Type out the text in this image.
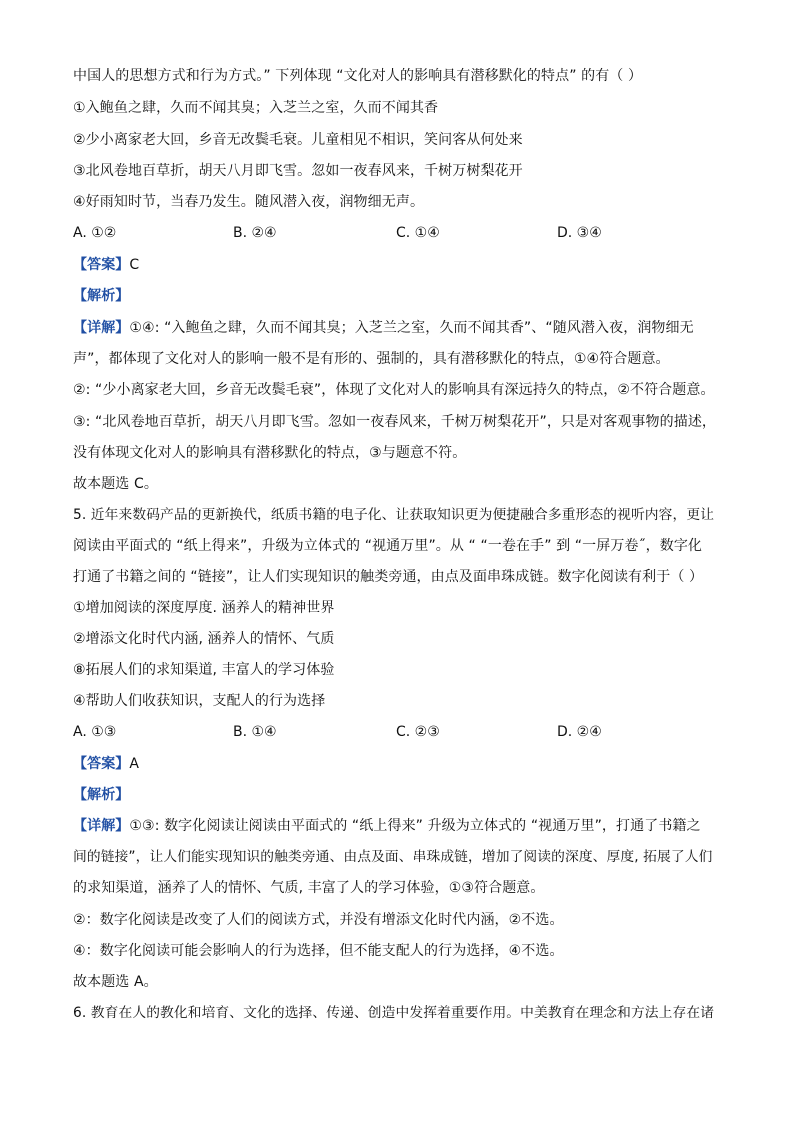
中国人的思想方式和行为方式。” 下列体现 “文化对人的影响具有潜移默化的特点” 的有（ ）
①入鲍鱼之肆，久而不闻其臭；入芝兰之室，久而不闻其香
②少小离家老大回，乡音无改鬓毛衰。儿童相见不相识，笑问客从何处来
③北风卷地百草折，胡天八月即飞雪。忽如一夜春风来，千树万树梨花开
④好雨知时节，当春乃发生。随风潜入夜，润物细无声。
A. ①②	B. ②④	C. ①④	D. ③④
【答案】C
【解析】
【详解】①④: “入鲍鱼之肆，久而不闻其臭；入芝兰之室，久而不闻其香”、“随风潜入夜，润物细无
声”，都体现了文化对人的影响一般不是有形的、强制的，具有潜移默化的特点，①④符合题意。
②: “少小离家老大回，乡音无改鬓毛衰”，体现了文化对人的影响具有深远持久的特点，②不符合题意。
③: “北风卷地百草折，胡天八月即飞雪。忽如一夜春风来，千树万树梨花开”，只是对客观事物的描述，
没有体现文化对人的影响具有潜移默化的特点，③与题意不符。
故本题选 C。
5. 近年来数码产品的更新换代，纸质书籍的电子化、让获取知识更为便捷融合多重形态的视听内容，更让
阅读由平面式的 “纸上得来”，升级为立体式的 “视通万里”。从 “ “一卷在手” 到 “一屏万卷˝，数字化
打通了书籍之间的 “链接”，让人们实现知识的触类旁通，由点及面串珠成链。数字化阅读有利于（ ）
①增加阅读的深度厚度. 涵养人的精神世界
②增添文化时代内涵, 涵养人的情怀、气质
⑧拓展人们的求知渠道, 丰富人的学习体验
④帮助人们收获知识，支配人的行为选择
A. ①③	B. ①④	C. ②③	D. ②④
【答案】A
【解析】
【详解】①③: 数字化阅读让阅读由平面式的 “纸上得来” 升级为立体式的 “视通万里”，打通了书籍之
间的链接”，让人们能实现知识的触类旁通、由点及面、串珠成链，增加了阅读的深度、厚度, 拓展了人们
的求知渠道，涵养了人的情怀、气质, 丰富了人的学习体验，①③符合题意。
②：数字化阅读是改变了人们的阅读方式，并没有增添文化时代内涵，②不选。
④：数字化阅读可能会影响人的行为选择，但不能支配人的行为选择，④不选。
故本题选 A。
6. 教育在人的教化和培育、文化的选择、传递、创造中发挥着重要作用。中美教育在理念和方法上存在诸
